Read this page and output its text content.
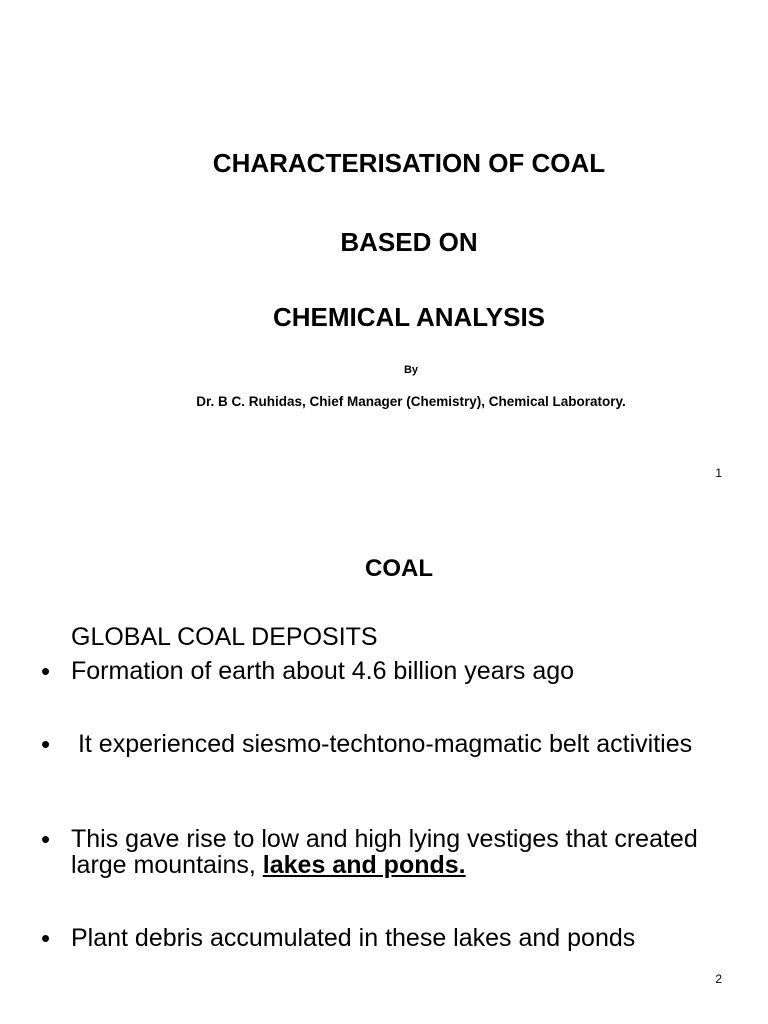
CHARACTERISATION OF COAL
BASED ON
CHEMICAL ANALYSIS
By
Dr. B C. Ruhidas, Chief Manager (Chemistry), Chemical Laboratory.
1
COAL
GLOBAL COAL DEPOSITS
• Formation of earth about 4.6 billion years ago
• It experienced siesmo-techtono-magmatic belt activities
• This gave rise to low and high lying vestiges that created large mountains, lakes and ponds.
• Plant debris accumulated in these lakes and ponds
2
